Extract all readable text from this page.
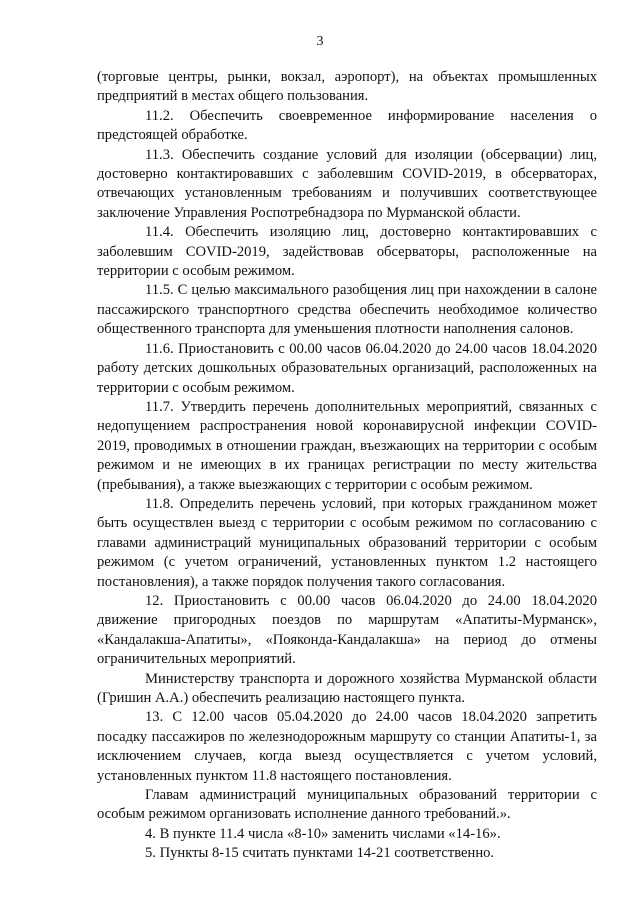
3

(торговые центры, рынки, вокзал, аэропорт), на объектах промышленных предприятий в местах общего пользования.

11.2. Обеспечить своевременное информирование населения о предстоящей обработке.

11.3. Обеспечить создание условий для изоляции (обсервации) лиц, достоверно контактировавших с заболевшим COVID-2019, в обсерваторах, отвечающих установленным требованиям и получивших соответствующее заключение Управления Роспотребнадзора по Мурманской области.

11.4. Обеспечить изоляцию лиц, достоверно контактировавших с заболевшим COVID-2019, задействовав обсерваторы, расположенные на территории с особым режимом.

11.5. С целью максимального разобщения лиц при нахождении в салоне пассажирского транспортного средства обеспечить необходимое количество общественного транспорта для уменьшения плотности наполнения салонов.

11.6. Приостановить с 00.00 часов 06.04.2020 до 24.00 часов 18.04.2020 работу детских дошкольных образовательных организаций, расположенных на территории с особым режимом.

11.7. Утвердить перечень дополнительных мероприятий, связанных с недопущением распространения новой коронавирусной инфекции COVID-2019, проводимых в отношении граждан, въезжающих на территории с особым режимом и не имеющих в их границах регистрации по месту жительства (пребывания), а также выезжающих с территории с особым режимом.

11.8. Определить перечень условий, при которых гражданином может быть осуществлен выезд с территории с особым режимом по согласованию с главами администраций муниципальных образований территории с особым режимом (с учетом ограничений, установленных пунктом 1.2 настоящего постановления), а также порядок получения такого согласования.

12. Приостановить с 00.00 часов 06.04.2020 до 24.00 18.04.2020 движение пригородных поездов по маршрутам «Апатиты-Мурманск», «Кандалакша-Апатиты», «Пояконда-Кандалакша» на период до отмены ограничительных мероприятий.

Министерству транспорта и дорожного хозяйства Мурманской области (Гришин А.А.) обеспечить реализацию настоящего пункта.

13. С 12.00 часов 05.04.2020 до 24.00 часов 18.04.2020 запретить посадку пассажиров по железнодорожным маршруту со станции Апатиты-1, за исключением случаев, когда выезд осуществляется с учетом условий, установленных пунктом 11.8 настоящего постановления.

Главам администраций муниципальных образований территории с особым режимом организовать исполнение данного требований.».

4. В пункте 11.4 числа «8-10» заменить числами «14-16».

5. Пункты 8-15 считать пунктами 14-21 соответственно.
